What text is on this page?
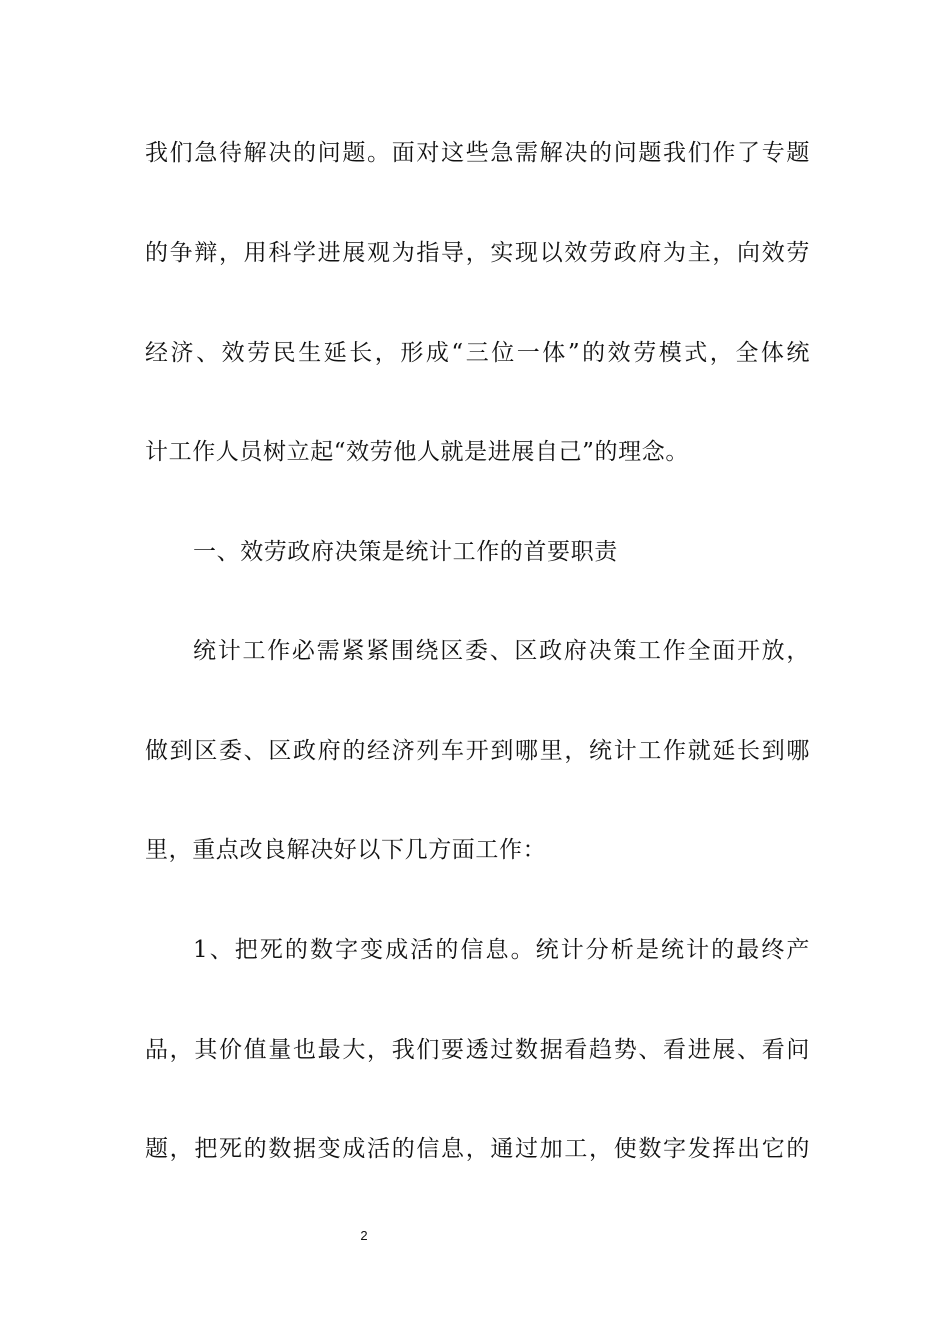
我们急待解决的问题。面对这些急需解决的问题我们作了专题
的争辩，用科学进展观为指导，实现以效劳政府为主，向效劳
经济、效劳民生延长，形成“三位一体”的效劳模式，全体统
计工作人员树立起“效劳他人就是进展自己”的理念。
一、效劳政府决策是统计工作的首要职责
统计工作必需紧紧围绕区委、区政府决策工作全面开放，
做到区委、区政府的经济列车开到哪里，统计工作就延长到哪
里，重点改良解决好以下几方面工作：
1、把死的数字变成活的信息。统计分析是统计的最终产
品，其价值量也最大，我们要透过数据看趋势、看进展、看问
题，把死的数据变成活的信息，通过加工，使数字发挥出它的
2
